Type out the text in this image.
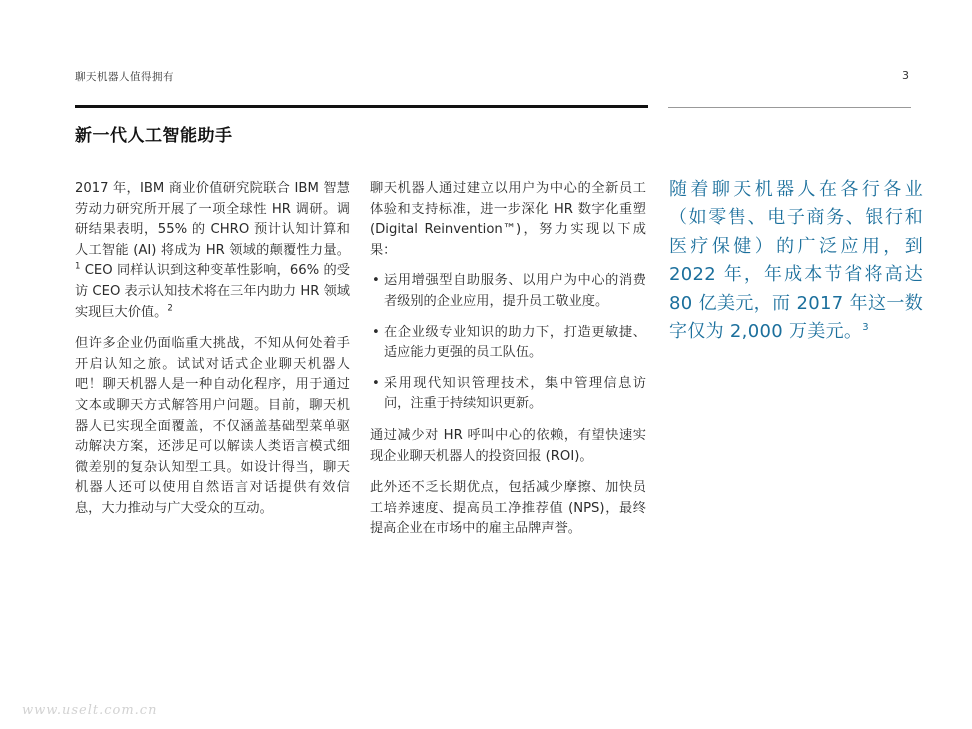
聊天机器人值得拥有	3
新一代人工智能助手

2017 年，IBM 商业价值研究院联合 IBM 智慧劳动力研究所开展了一项全球性 HR 调研。调研结果表明，55% 的 CHRO 预计认知计算和人工智能 (AI) 将成为 HR 领域的颠覆性力量。$^1$ CEO 同样认识到这种变革性影响，66% 的受访 CEO 表示认知技术将在三年内助力 HR 领域实现巨大价值。$^2$

但许多企业仍面临重大挑战，不知从何处着手开启认知之旅。试试对话式企业聊天机器人吧！聊天机器人是一种自动化程序，用于通过文本或聊天方式解答用户问题。目前，聊天机器人已实现全面覆盖，不仅涵盖基础型菜单驱动解决方案，还涉足可以解读人类语言模式细微差别的复杂认知型工具。如设计得当，聊天机器人还可以使用自然语言对话提供有效信息，大力推动与广大受众的互动。

聊天机器人通过建立以用户为中心的全新员工体验和支持标准，进一步深化 HR 数字化重塑 (Digital Reinvention™)，努力实现以下成果：

• 运用增强型自助服务、以用户为中心的消费者级别的企业应用，提升员工敬业度。
• 在企业级专业知识的助力下，打造更敏捷、适应能力更强的员工队伍。
• 采用现代知识管理技术，集中管理信息访问，注重于持续知识更新。

通过减少对 HR 呼叫中心的依赖，有望快速实现企业聊天机器人的投资回报 (ROI)。

此外还不乏长期优点，包括减少摩擦、加快员工培养速度、提高员工净推荐值 (NPS)，最终提高企业在市场中的雇主品牌声誉。

随着聊天机器人在各行各业（如零售、电子商务、银行和医疗保健）的广泛应用，到 2022 年，年成本节省将高达 80 亿美元，而 2017 年这一数字仅为 2,000 万美元。$^3$
www.uselt.com.cn
